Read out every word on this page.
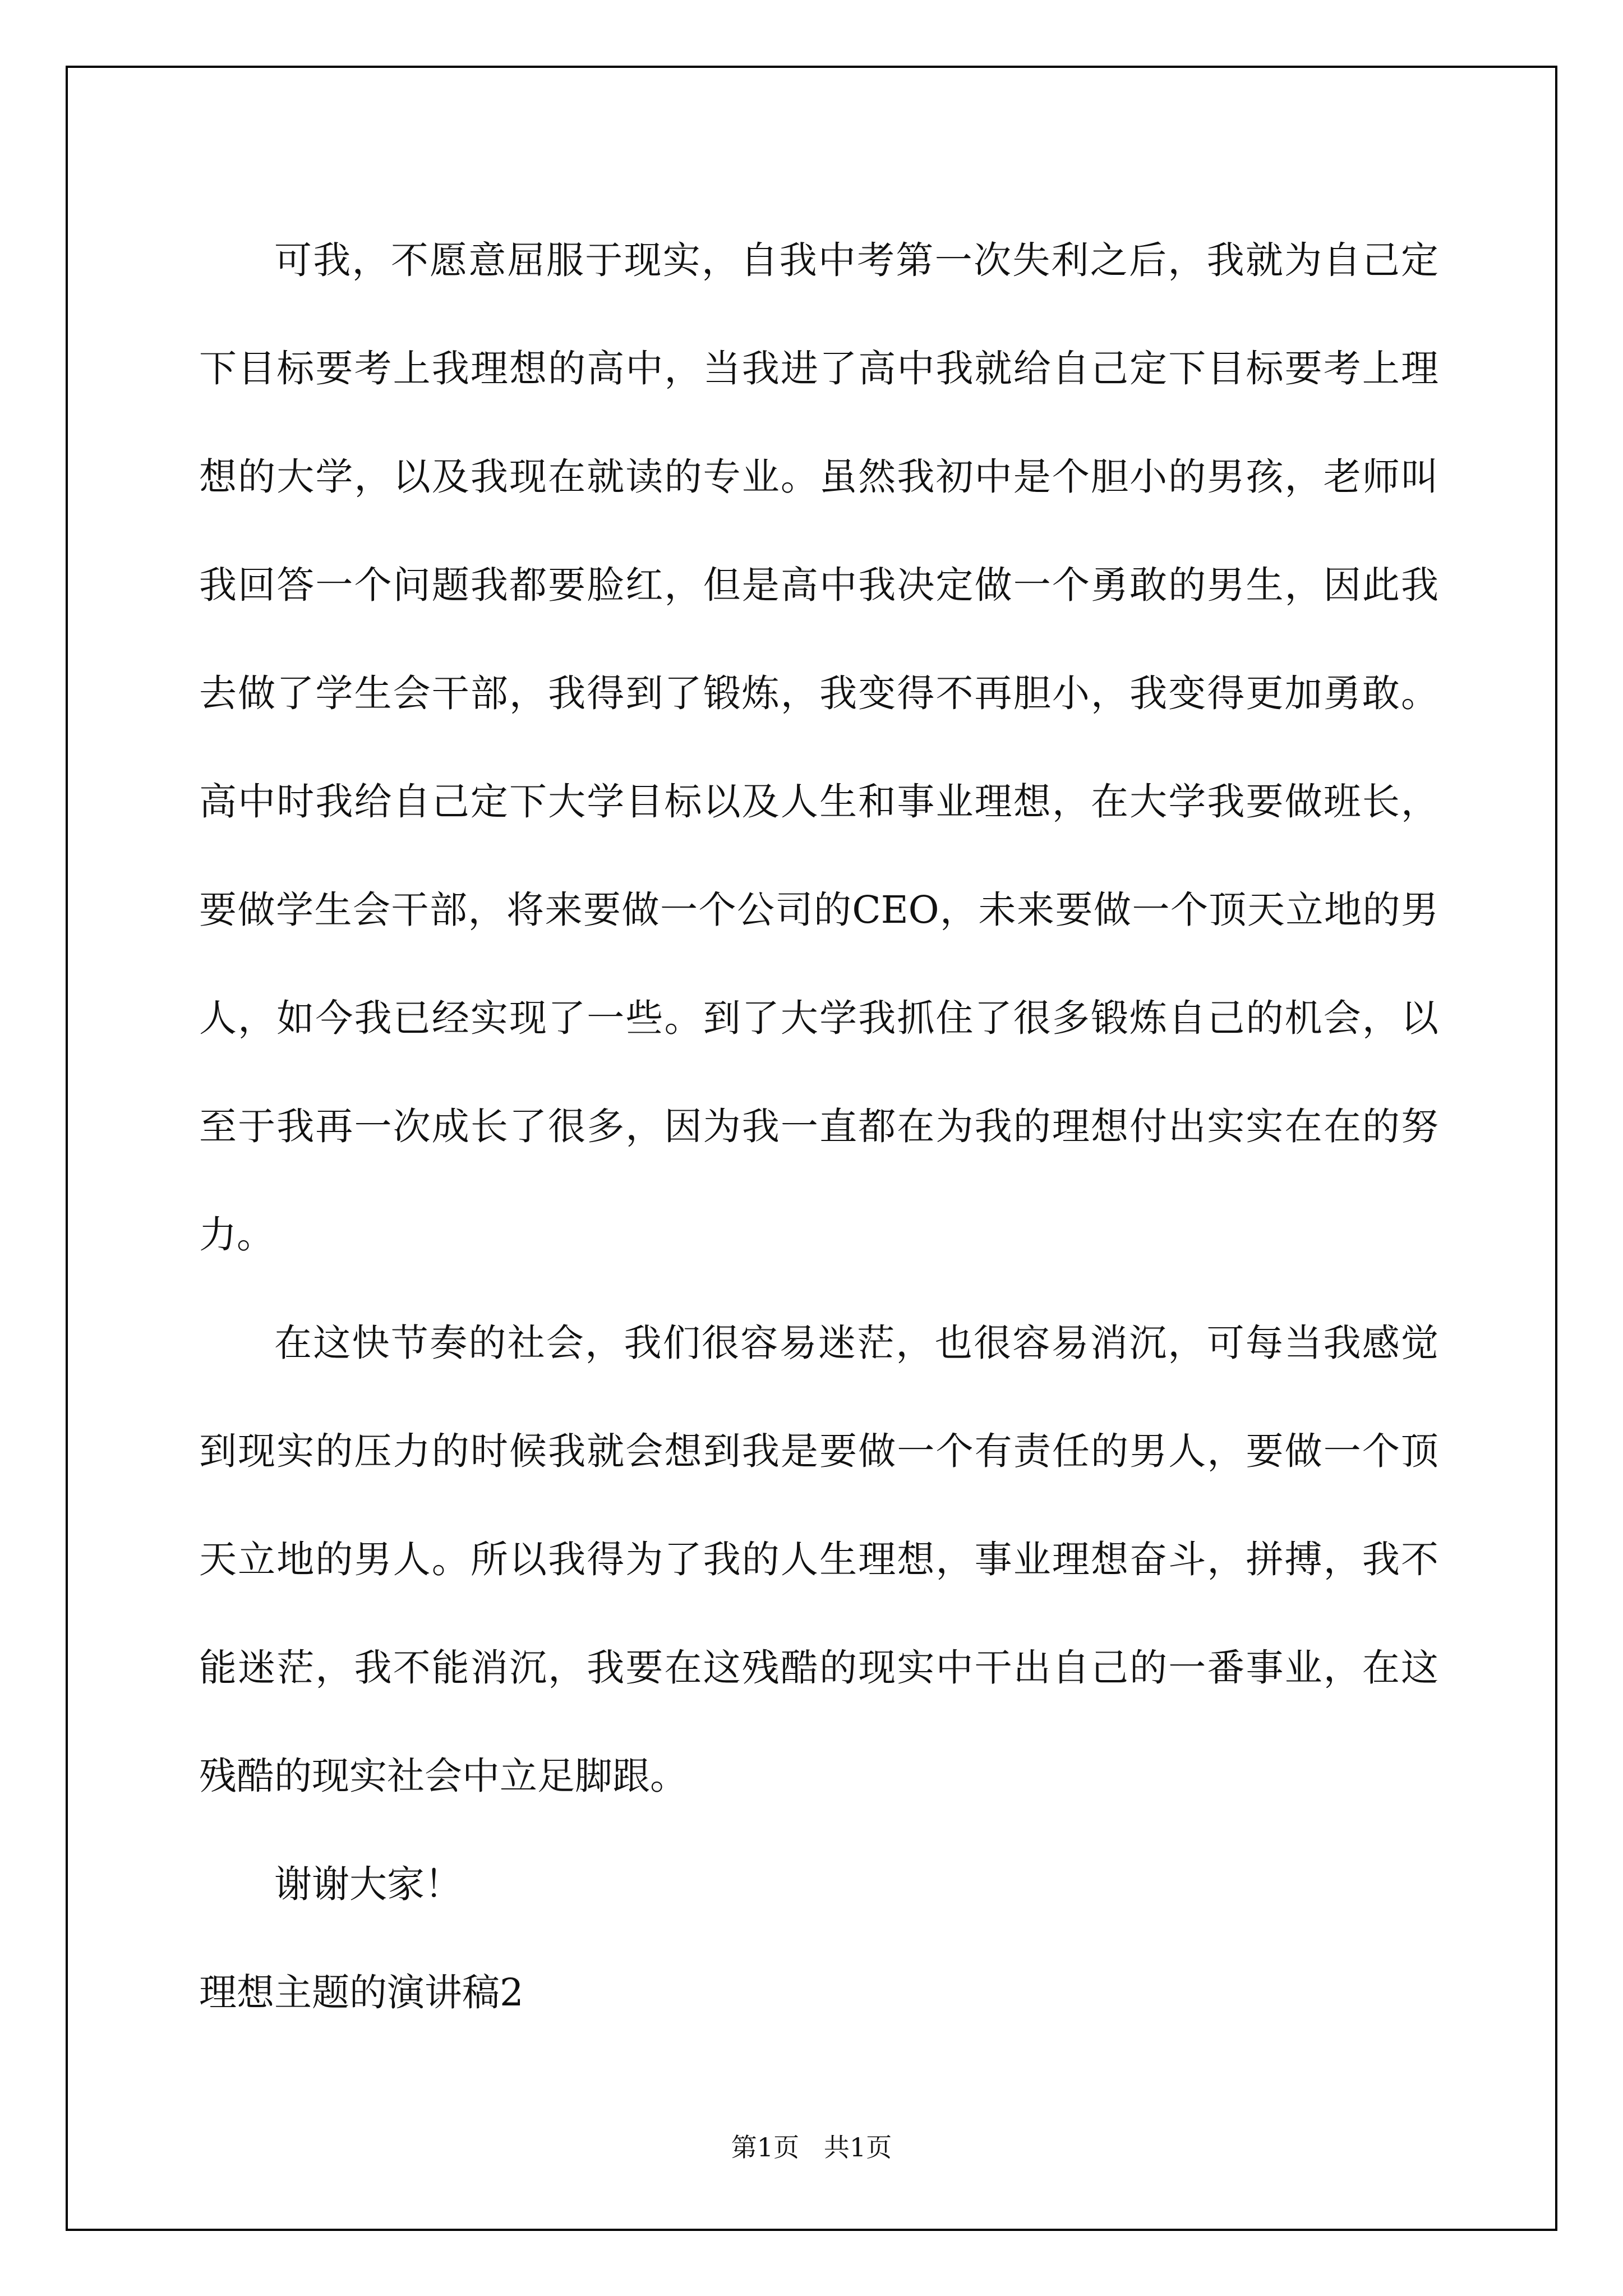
可我，不愿意屈服于现实，自我中考第一次失利之后，我就为自己定下目标要考上我理想的高中，当我进了高中我就给自己定下目标要考上理想的大学，以及我现在就读的专业。虽然我初中是个胆小的男孩，老师叫我回答一个问题我都要脸红，但是高中我决定做一个勇敢的男生，因此我去做了学生会干部，我得到了锻炼，我变得不再胆小，我变得更加勇敢。高中时我给自己定下大学目标以及人生和事业理想，在大学我要做班长，要做学生会干部，将来要做一个公司的CEO，未来要做一个顶天立地的男人，如今我已经实现了一些。到了大学我抓住了很多锻炼自己的机会，以至于我再一次成长了很多，因为我一直都在为我的理想付出实实在在的努力。

在这快节奏的社会，我们很容易迷茫，也很容易消沉，可每当我感觉到现实的压力的时候我就会想到我是要做一个有责任的男人，要做一个顶天立地的男人。所以我得为了我的人生理想，事业理想奋斗，拼搏，我不能迷茫，我不能消沉，我要在这残酷的现实中干出自己的一番事业，在这残酷的现实社会中立足脚跟。

谢谢大家！

理想主题的演讲稿2

第1页   共1页
